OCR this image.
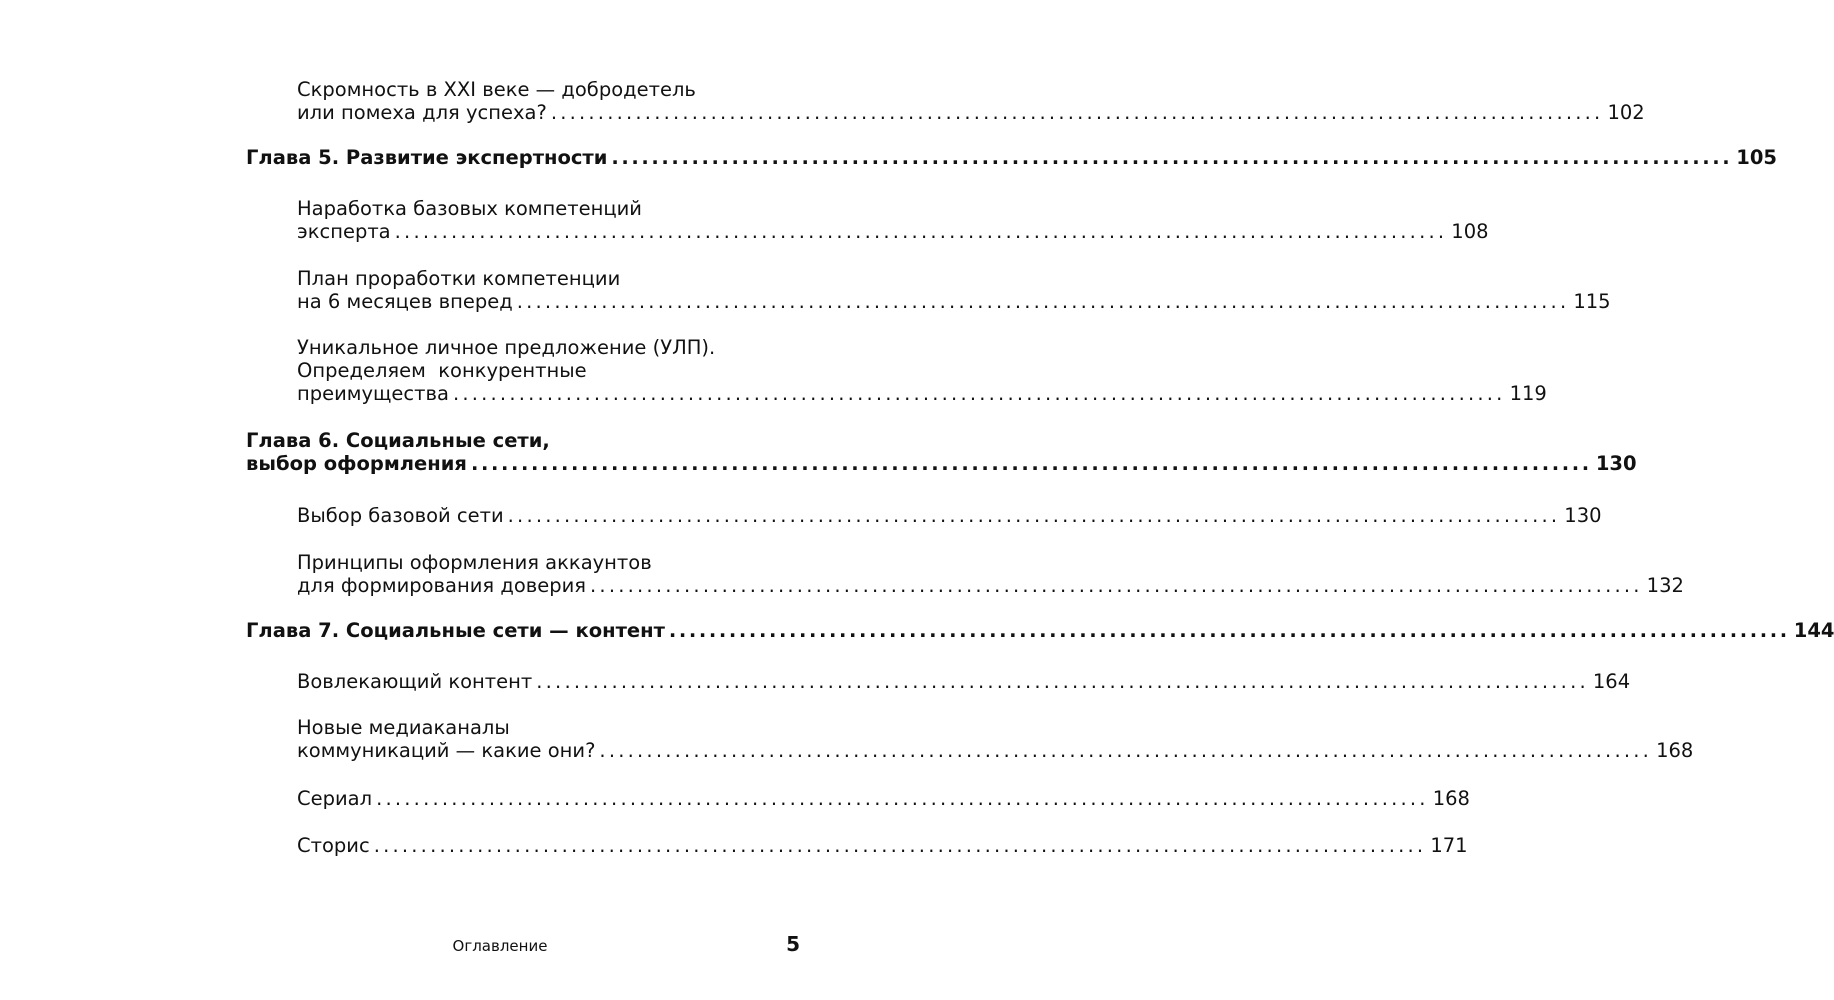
Скромность в XXI веке — добродетель
или помеха для успеха? ................................................................................................................ 102
Глава 5. Развитие экспертности ................................................................................................................ 105
Наработка базовых компетенций
эксперта ................................................................................................................ 108
План проработки компетенции
на 6 месяцев вперед ................................................................................................................ 115
Уникальное личное предложение (УЛП).
Определяем  конкурентные
преимущества ................................................................................................................ 119
Глава 6. Социальные сети,
выбор оформления ................................................................................................................ 130
Выбор базовой сети ................................................................................................................ 130
Принципы оформления аккаунтов
для формирования доверия ................................................................................................................ 132
Глава 7. Социальные сети — контент ................................................................................................................ 144
Вовлекающий контент ................................................................................................................ 164
Новые медиаканалы
коммуникаций — какие они? ................................................................................................................ 168
Сериал ................................................................................................................ 168
Сторис ................................................................................................................ 171
Оглавление	5
